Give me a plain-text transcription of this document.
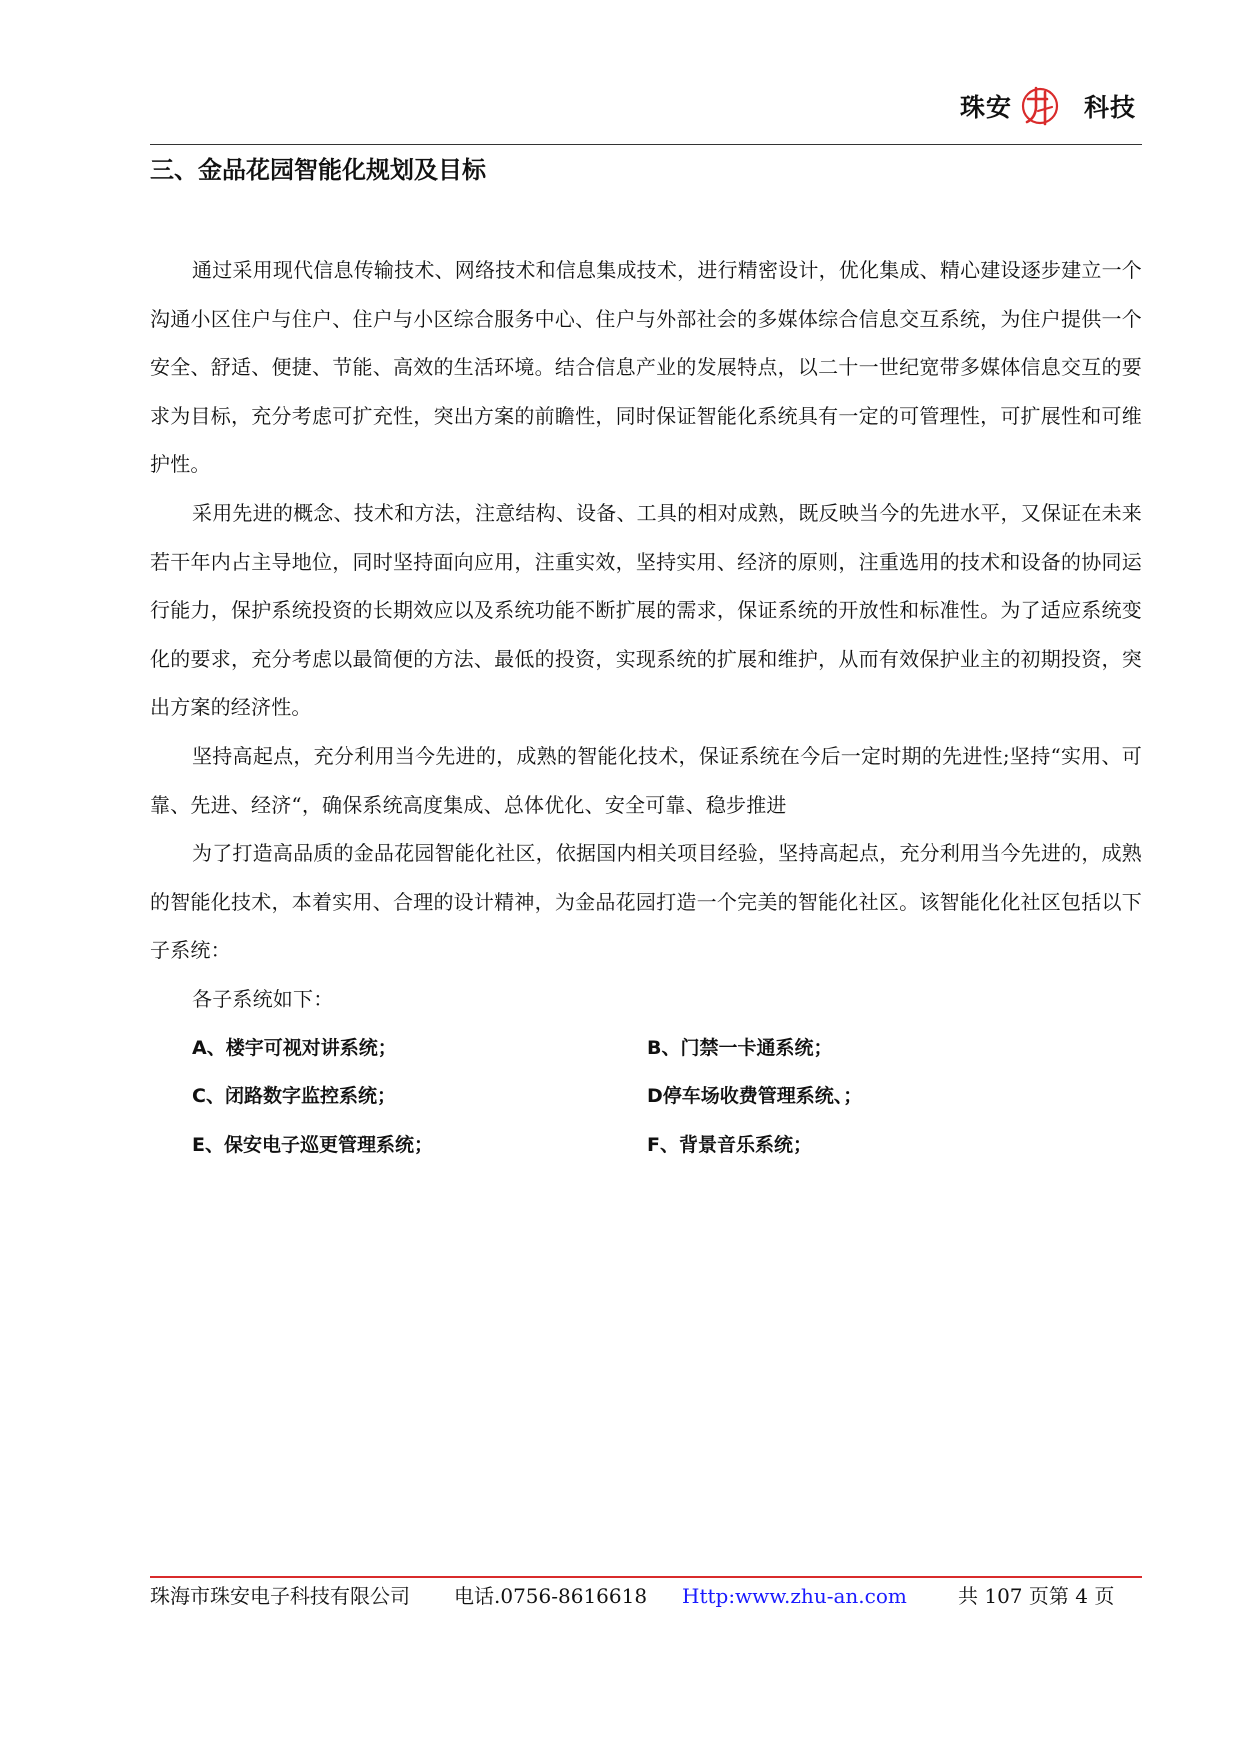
珠安	科技
三、金品花园智能化规划及目标

通过采用现代信息传输技术、网络技术和信息集成技术，进行精密设计，优化集成、精心建设逐步建立一个沟通小区住户与住户、住户与小区综合服务中心、住户与外部社会的多媒体综合信息交互系统，为住户提供一个安全、舒适、便捷、节能、高效的生活环境。结合信息产业的发展特点，以二十一世纪宽带多媒体信息交互的要求为目标，充分考虑可扩充性，突出方案的前瞻性，同时保证智能化系统具有一定的可管理性，可扩展性和可维护性。

采用先进的概念、技术和方法，注意结构、设备、工具的相对成熟，既反映当今的先进水平，又保证在未来若干年内占主导地位，同时坚持面向应用，注重实效，坚持实用、经济的原则，注重选用的技术和设备的协同运行能力，保护系统投资的长期效应以及系统功能不断扩展的需求，保证系统的开放性和标准性。为了适应系统变化的要求，充分考虑以最简便的方法、最低的投资，实现系统的扩展和维护，从而有效保护业主的初期投资，突出方案的经济性。

坚持高起点，充分利用当今先进的，成熟的智能化技术，保证系统在今后一定时期的先进性;坚持“实用、可靠、先进、经济“，确保系统高度集成、总体优化、安全可靠、稳步推进

为了打造高品质的金品花园智能化社区，依据国内相关项目经验，坚持高起点，充分利用当今先进的，成熟的智能化技术，本着实用、合理的设计精神，为金品花园打造一个完美的智能化社区。该智能化化社区包括以下子系统：

各子系统如下：

A、楼宇可视对讲系统；	B、门禁一卡通系统；
C、闭路数字监控系统；	D停车场收费管理系统、；
E、保安电子巡更管理系统；	F、背景音乐系统；
珠海市珠安电子科技有限公司 电话.0756-8616618 Http:www.zhu-an.com	共 107 页第 4 页
